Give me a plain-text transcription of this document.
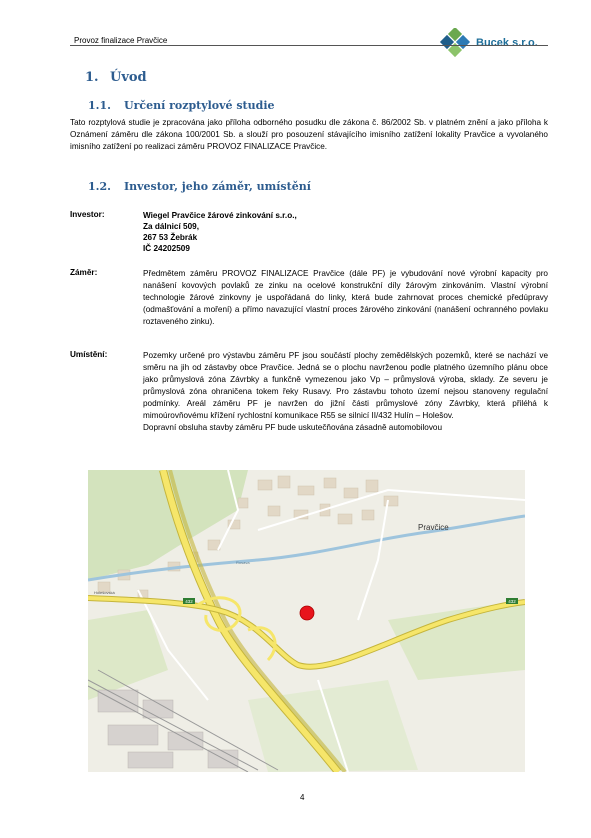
Provoz finalizace Pravčice	Bucek s.r.o.
1. Úvod
1.1. Určení rozptylové studie
Tato rozptylová studie je zpracována jako příloha odborného posudku dle zákona č. 86/2002 Sb. v platném znění a jako příloha k Oznámení záměru dle zákona 100/2001 Sb. a slouží pro posouzení stávajícího imisního zatížení lokality Pravčice a vyvolaného imisního zatížení po realizaci záměru PROVOZ FINALIZACE Pravčice.
1.2. Investor, jeho záměr, umístění
Investor:	Wiegel Pravčice žárové zinkování s.r.o.,
Za dálnicí 509,
267 53 Žebrák
IČ 24202509
Záměr:	Předmětem záměru PROVOZ FINALIZACE Pravčice (dále PF) je vybudování nové výrobní kapacity pro nanášení kovových povlaků ze zinku na ocelové konstrukční díly žárovým zinkováním. Vlastní výrobní technologie žárové zinkovny je uspořádaná do linky, která bude zahrnovat proces chemické předúpravy (odmašťování a moření) a přímo navazující vlastní proces žárového zinkování (nanášení ochranného povlaku roztaveného zinku).
Umístění:	Pozemky určené pro výstavbu záměru PF jsou součástí plochy zemědělských pozemků, které se nachází ve směru na jih od zástavby obce Pravčice. Jedná se o plochu navrženou podle platného územního plánu obce jako průmyslová zóna Závrbky a funkčně vymezenou jako Vp – průmyslová výroba, sklady. Ze severu je průmyslová zóna ohraničena tokem řeky Rusavy. Pro zástavbu tohoto území nejsou stanoveny regulační podmínky. Areál záměru PF je navržen do jižní části průmyslové zóny Závrbky, která přiléhá k mimoúrovňovému křížení rychlostní komunikace R55 se silnicí II/432 Hulín – Holešov.
Dopravní obsluha stavby záměru PF bude uskutečňována zásadně automobilovou
Pravčice
Holešovská
Rusava
432	432
4
